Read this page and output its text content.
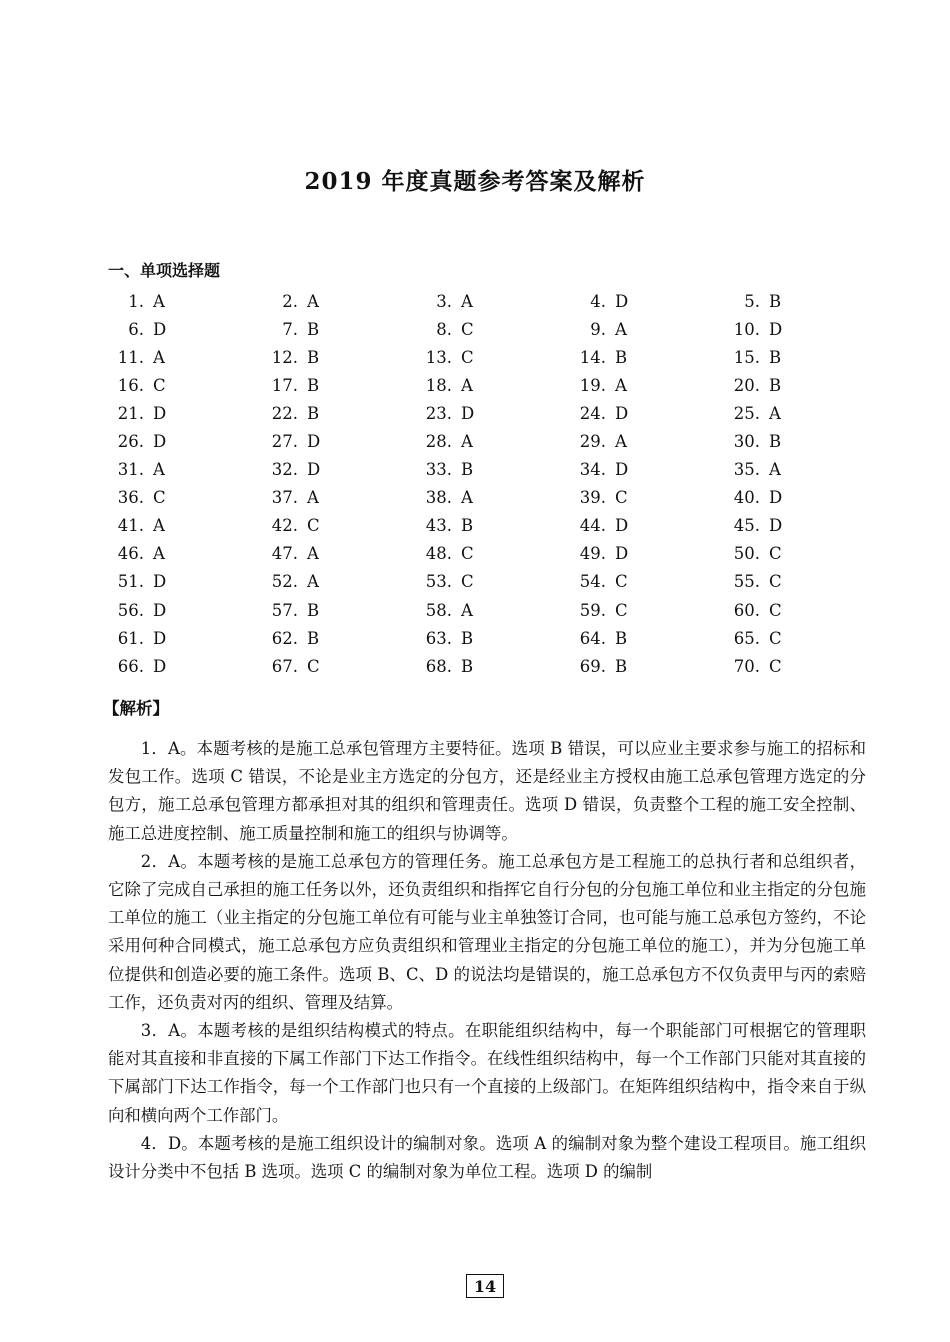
2019 年度真题参考答案及解析
一、单项选择题
1. A	2. A	3. A	4. D	5. B
6. D	7. B	8. C	9. A	10. D
11. A	12. B	13. C	14. B	15. B
16. C	17. B	18. A	19. A	20. B
21. D	22. B	23. D	24. D	25. A
26. D	27. D	28. A	29. A	30. B
31. A	32. D	33. B	34. D	35. A
36. C	37. A	38. A	39. C	40. D
41. A	42. C	43. B	44. D	45. D
46. A	47. A	48. C	49. D	50. C
51. D	52. A	53. C	54. C	55. C
56. D	57. B	58. A	59. C	60. C
61. D	62. B	63. B	64. B	65. C
66. D	67. C	68. B	69. B	70. C
【解析】

1．A。本题考核的是施工总承包管理方主要特征。选项 B 错误，可以应业主要求参与施工的招标和发包工作。选项 C 错误，不论是业主方选定的分包方，还是经业主方授权由施工总承包管理方选定的分包方，施工总承包管理方都承担对其的组织和管理责任。选项 D 错误，负责整个工程的施工安全控制、施工总进度控制、施工质量控制和施工的组织与协调等。

2．A。本题考核的是施工总承包方的管理任务。施工总承包方是工程施工的总执行者和总组织者，它除了完成自己承担的施工任务以外，还负责组织和指挥它自行分包的分包施工单位和业主指定的分包施工单位的施工（业主指定的分包施工单位有可能与业主单独签订合同，也可能与施工总承包方签约，不论采用何种合同模式，施工总承包方应负责组织和管理业主指定的分包施工单位的施工），并为分包施工单位提供和创造必要的施工条件。选项 B、C、D 的说法均是错误的，施工总承包方不仅负责甲与丙的索赔工作，还负责对丙的组织、管理及结算。

3．A。本题考核的是组织结构模式的特点。在职能组织结构中，每一个职能部门可根据它的管理职能对其直接和非直接的下属工作部门下达工作指令。在线性组织结构中，每一个工作部门只能对其直接的下属部门下达工作指令，每一个工作部门也只有一个直接的上级部门。在矩阵组织结构中，指令来自于纵向和横向两个工作部门。

4．D。本题考核的是施工组织设计的编制对象。选项 A 的编制对象为整个建设工程项目。施工组织设计分类中不包括 B 选项。选项 C 的编制对象为单位工程。选项 D 的编制

14
